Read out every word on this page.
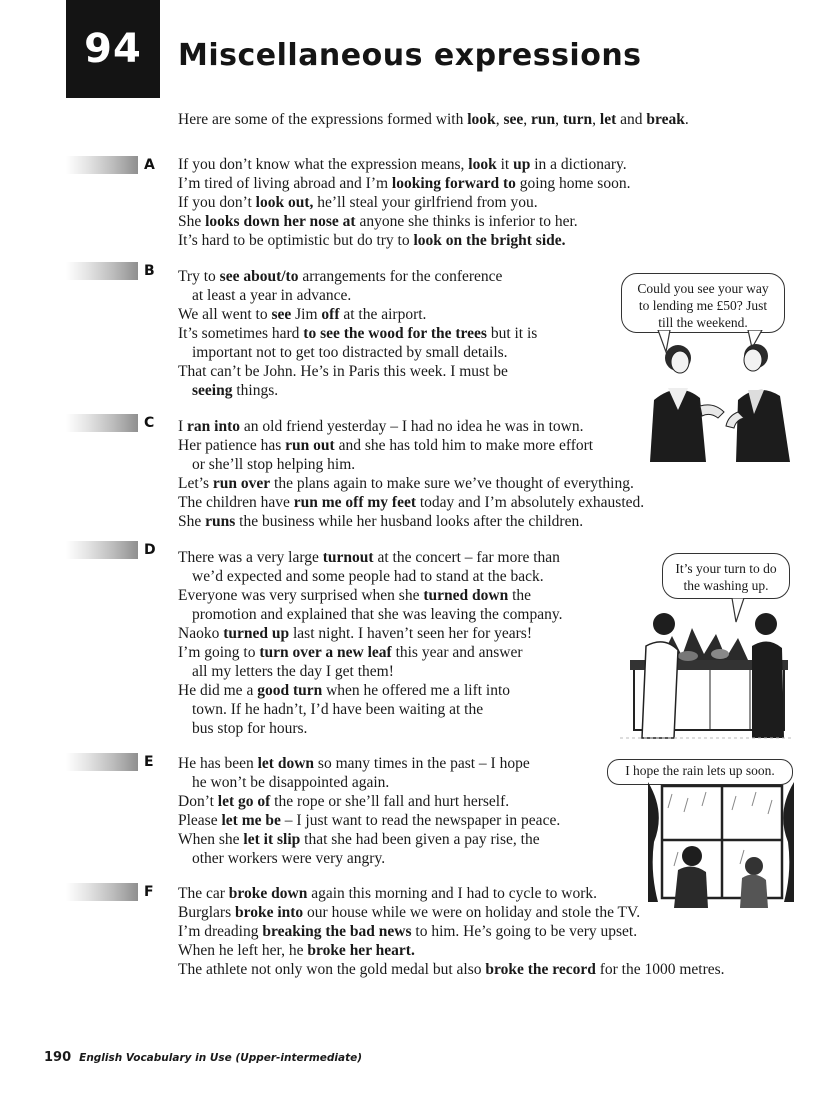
94 Miscellaneous expressions
Here are some of the expressions formed with look, see, run, turn, let and break.
A
B
C
D
E
F
If you don’t know what the expression means, look it up in a dictionary.
I’m tired of living abroad and I’m looking forward to going home soon.
If you don’t look out, he’ll steal your girlfriend from you.
She looks down her nose at anyone she thinks is inferior to her.
It’s hard to be optimistic but do try to look on the bright side.
Try to see about/to arrangements for the conference
at least a year in advance.
We all went to see Jim off at the airport.
It’s sometimes hard to see the wood for the trees but it is
important not to get too distracted by small details.
That can’t be John. He’s in Paris this week. I must be
seeing things.
I ran into an old friend yesterday – I had no idea he was in town.
Her patience has run out and she has told him to make more effort
or she’ll stop helping him.
Let’s run over the plans again to make sure we’ve thought of everything.
The children have run me off my feet today and I’m absolutely exhausted.
She runs the business while her husband looks after the children.
There was a very large turnout at the concert – far more than
we’d expected and some people had to stand at the back.
Everyone was very surprised when she turned down the
promotion and explained that she was leaving the company.
Naoko turned up last night. I haven’t seen her for years!
I’m going to turn over a new leaf this year and answer
all my letters the day I get them!
He did me a good turn when he offered me a lift into
town. If he hadn’t, I’d have been waiting at the
bus stop for hours.
He has been let down so many times in the past – I hope
he won’t be disappointed again.
Don’t let go of the rope or she’ll fall and hurt herself.
Please let me be – I just want to read the newspaper in peace.
When she let it slip that she had been given a pay rise, the
other workers were very angry.
The car broke down again this morning and I had to cycle to work.
Burglars broke into our house while we were on holiday and stole the TV.
I’m dreading breaking the bad news to him. He’s going to be very upset.
When he left her, he broke her heart.
The athlete not only won the gold medal but also broke the record for the 1000 metres.
Could you see your way
to lending me £50? Just
till the weekend.
It’s your turn to do
the washing up.
I hope the rain lets up soon.
190 English Vocabulary in Use (Upper-intermediate)
